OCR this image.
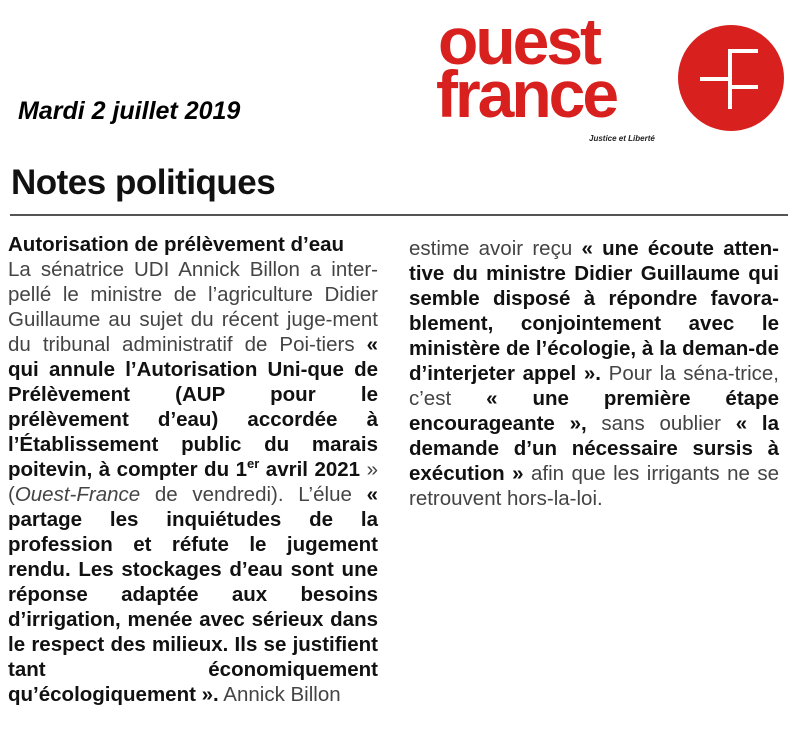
Mardi 2 juillet 2019
ouest
france
Justice et Liberté
Notes politiques
Autorisation de prélèvement d’eau
La sénatrice UDI Annick Billon a inter-pellé le ministre de l’agriculture Didier Guillaume au sujet du récent juge-ment du tribunal administratif de Poi-tiers « qui annule l’Autorisation Uni-que de Prélèvement (AUP pour le prélèvement d’eau) accordée à l’Établissement public du marais poitevin, à compter du 1er avril 2021 » (Ouest-France de vendredi). L’élue « partage les inquiétudes de la profession et réfute le jugement rendu. Les stockages d’eau sont une réponse adaptée aux besoins d’irrigation, menée avec sérieux dans le respect des milieux. Ils se justifient tant économiquement qu’écologiquement ». Annick Billon
estime avoir reçu « une écoute atten-tive du ministre Didier Guillaume qui semble disposé à répondre favora-blement, conjointement avec le ministère de l’écologie, à la deman-de d’interjeter appel ». Pour la séna-trice, c’est « une première étape encourageante », sans oublier « la demande d’un nécessaire sursis à exécution » afin que les irrigants ne se retrouvent hors-la-loi.
